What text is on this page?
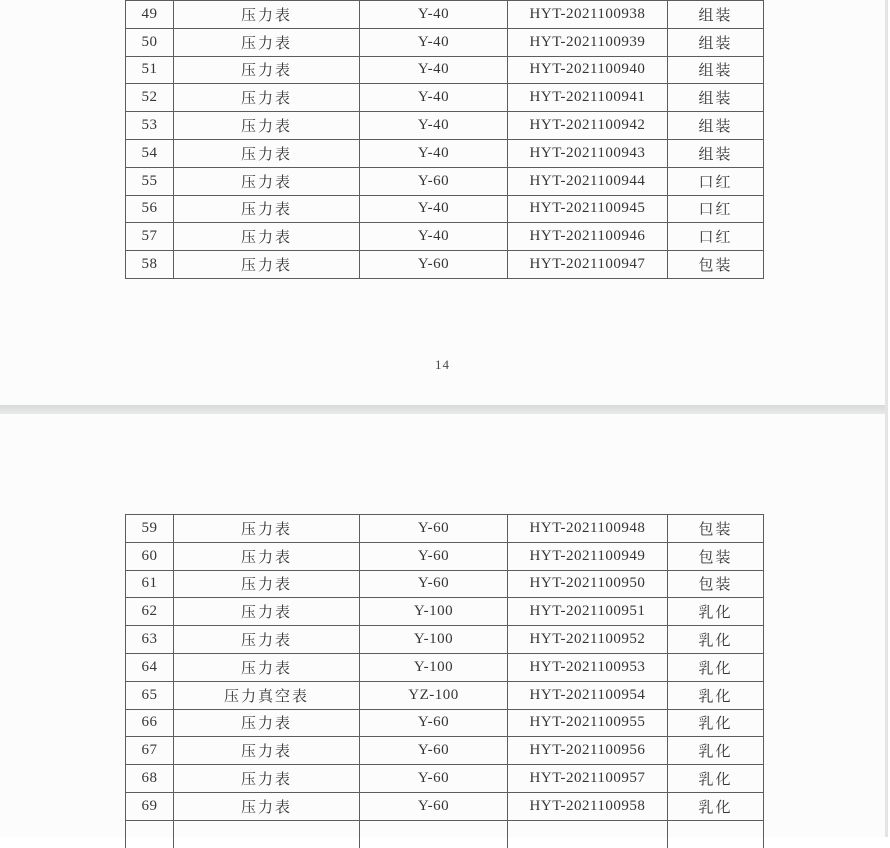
49	压力表	Y-40	HYT-2021100938	组装
50	压力表	Y-40	HYT-2021100939	组装
51	压力表	Y-40	HYT-2021100940	组装
52	压力表	Y-40	HYT-2021100941	组装
53	压力表	Y-40	HYT-2021100942	组装
54	压力表	Y-40	HYT-2021100943	组装
55	压力表	Y-60	HYT-2021100944	口红
56	压力表	Y-40	HYT-2021100945	口红
57	压力表	Y-40	HYT-2021100946	口红
58	压力表	Y-60	HYT-2021100947	包装
14
59	压力表	Y-60	HYT-2021100948	包装
60	压力表	Y-60	HYT-2021100949	包装
61	压力表	Y-60	HYT-2021100950	包装
62	压力表	Y-100	HYT-2021100951	乳化
63	压力表	Y-100	HYT-2021100952	乳化
64	压力表	Y-100	HYT-2021100953	乳化
65	压力真空表	YZ-100	HYT-2021100954	乳化
66	压力表	Y-60	HYT-2021100955	乳化
67	压力表	Y-60	HYT-2021100956	乳化
68	压力表	Y-60	HYT-2021100957	乳化
69	压力表	Y-60	HYT-2021100958	乳化
